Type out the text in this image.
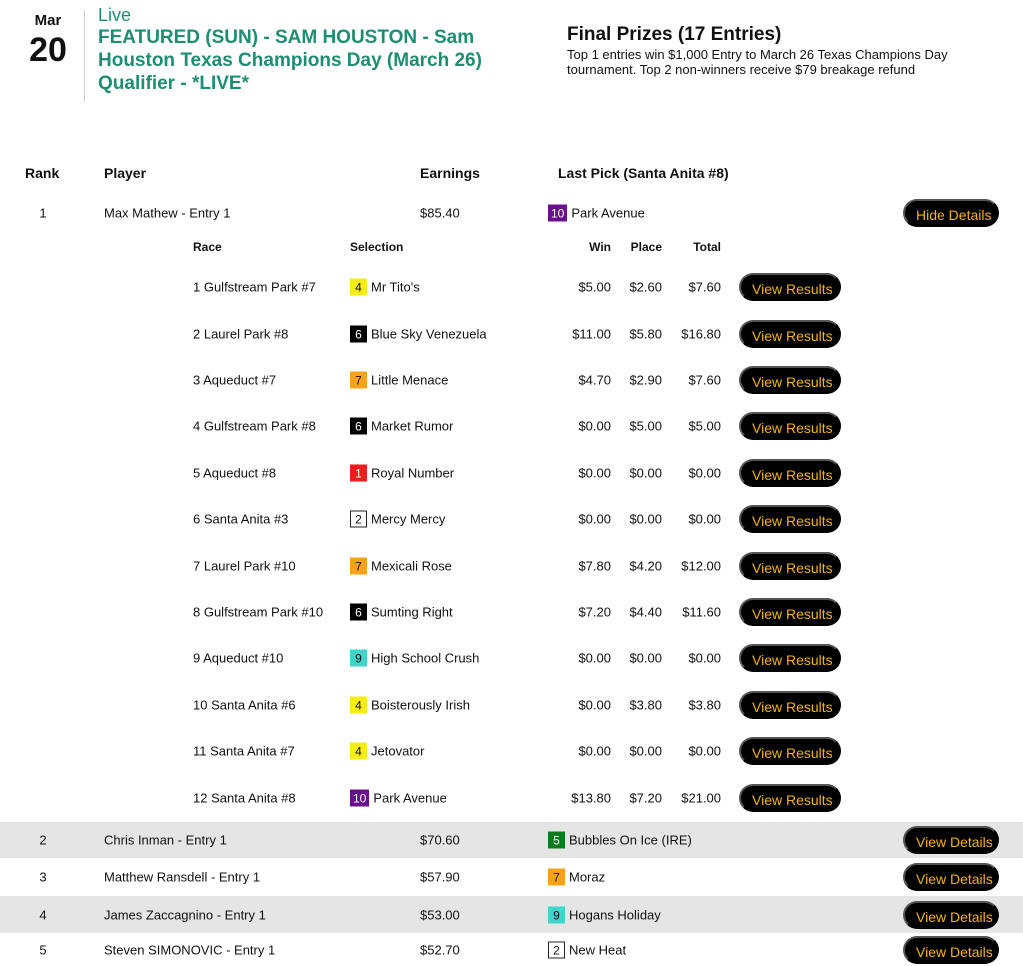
Mar
20
Live
FEATURED (SUN) - SAM HOUSTON - Sam Houston Texas Champions Day (March 26) Qualifier - *LIVE*
Final Prizes (17 Entries)
Top 1 entries win $1,000 Entry to March 26 Texas Champions Day tournament. Top 2 non-winners receive $79 breakage refund
Rank	Player	Earnings	Last Pick (Santa Anita #8)
1	Max Mathew - Entry 1	$85.40	10 Park Avenue	Hide Details
Race	Selection	Win	Place	Total
1 Gulfstream Park #7	4 Mr Tito's	$5.00	$2.60	$7.60	View Results
2 Laurel Park #8	6 Blue Sky Venezuela	$11.00	$5.80	$16.80	View Results
3 Aqueduct #7	7 Little Menace	$4.70	$2.90	$7.60	View Results
4 Gulfstream Park #8	6 Market Rumor	$0.00	$5.00	$5.00	View Results
5 Aqueduct #8	1 Royal Number	$0.00	$0.00	$0.00	View Results
6 Santa Anita #3	2 Mercy Mercy	$0.00	$0.00	$0.00	View Results
7 Laurel Park #10	7 Mexicali Rose	$7.80	$4.20	$12.00	View Results
8 Gulfstream Park #10	6 Sumting Right	$7.20	$4.40	$11.60	View Results
9 Aqueduct #10	9 High School Crush	$0.00	$0.00	$0.00	View Results
10 Santa Anita #6	4 Boisterously Irish	$0.00	$3.80	$3.80	View Results
11 Santa Anita #7	4 Jetovator	$0.00	$0.00	$0.00	View Results
12 Santa Anita #8	10 Park Avenue	$13.80	$7.20	$21.00	View Results
2	Chris Inman - Entry 1	$70.60	5 Bubbles On Ice (IRE)	View Details
3	Matthew Ransdell - Entry 1	$57.90	7 Moraz	View Details
4	James Zaccagnino - Entry 1	$53.00	9 Hogans Holiday	View Details
5	Steven SIMONOVIC - Entry 1	$52.70	2 New Heat	View Details
